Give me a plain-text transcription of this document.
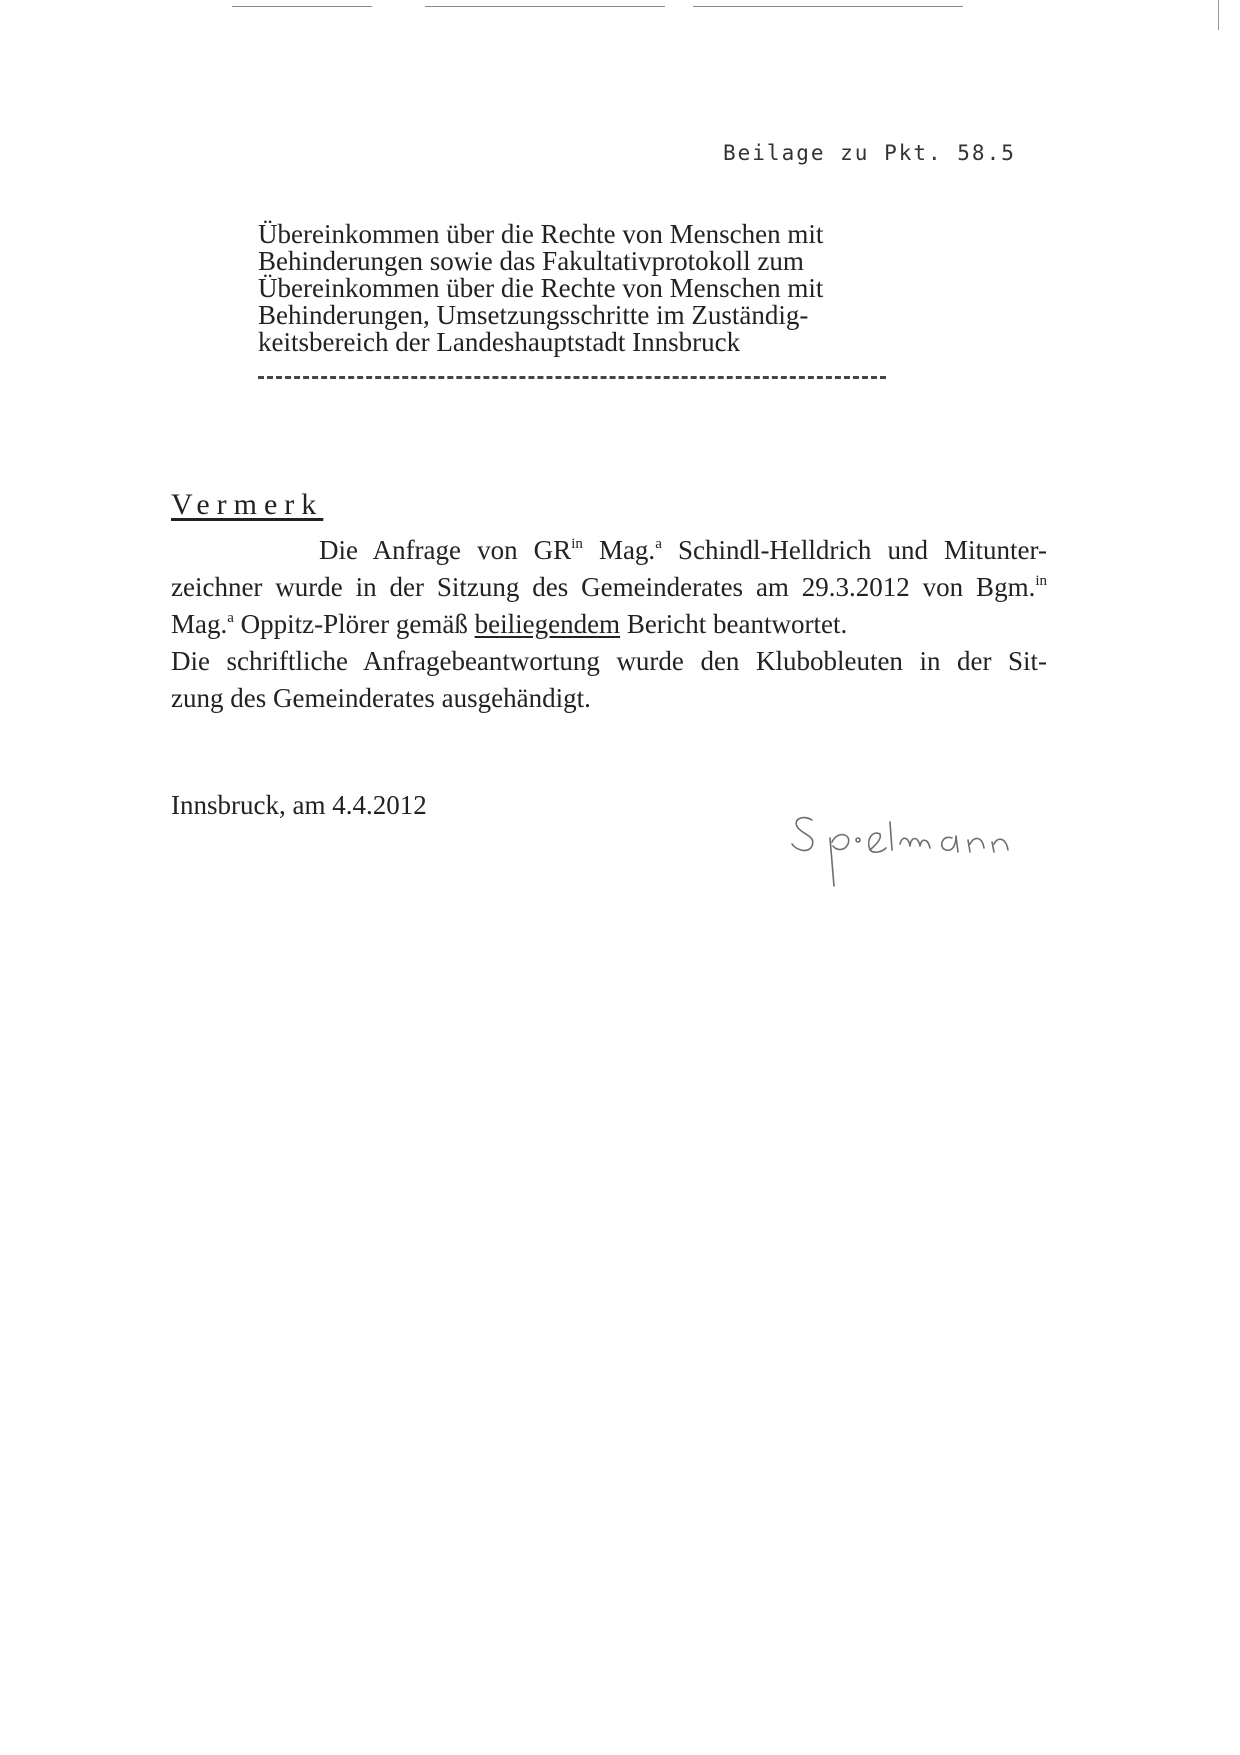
Beilage zu Pkt. 58.5
Übereinkommen über die Rechte von Menschen mit
Behinderungen sowie das Fakultativprotokoll zum
Übereinkommen über die Rechte von Menschen mit
Behinderungen, Umsetzungsschritte im Zuständig-
keitsbereich der Landeshauptstadt Innsbruck
Vermerk
Die Anfrage von $GR^{in}$ Mag.$^a$ Schindl-Helldrich und Mitunter-
zeichner wurde in der Sitzung des Gemeinderates am 29.3.2012 von Bgm.$^{in}$
Mag.$^a$ Oppitz-Plörer gemäß beiliegendem Bericht beantwortet.
Die schriftliche Anfragebeantwortung wurde den Klubobleuten in der Sit-
zung des Gemeinderates ausgehändigt.
Innsbruck, am 4.4.2012
